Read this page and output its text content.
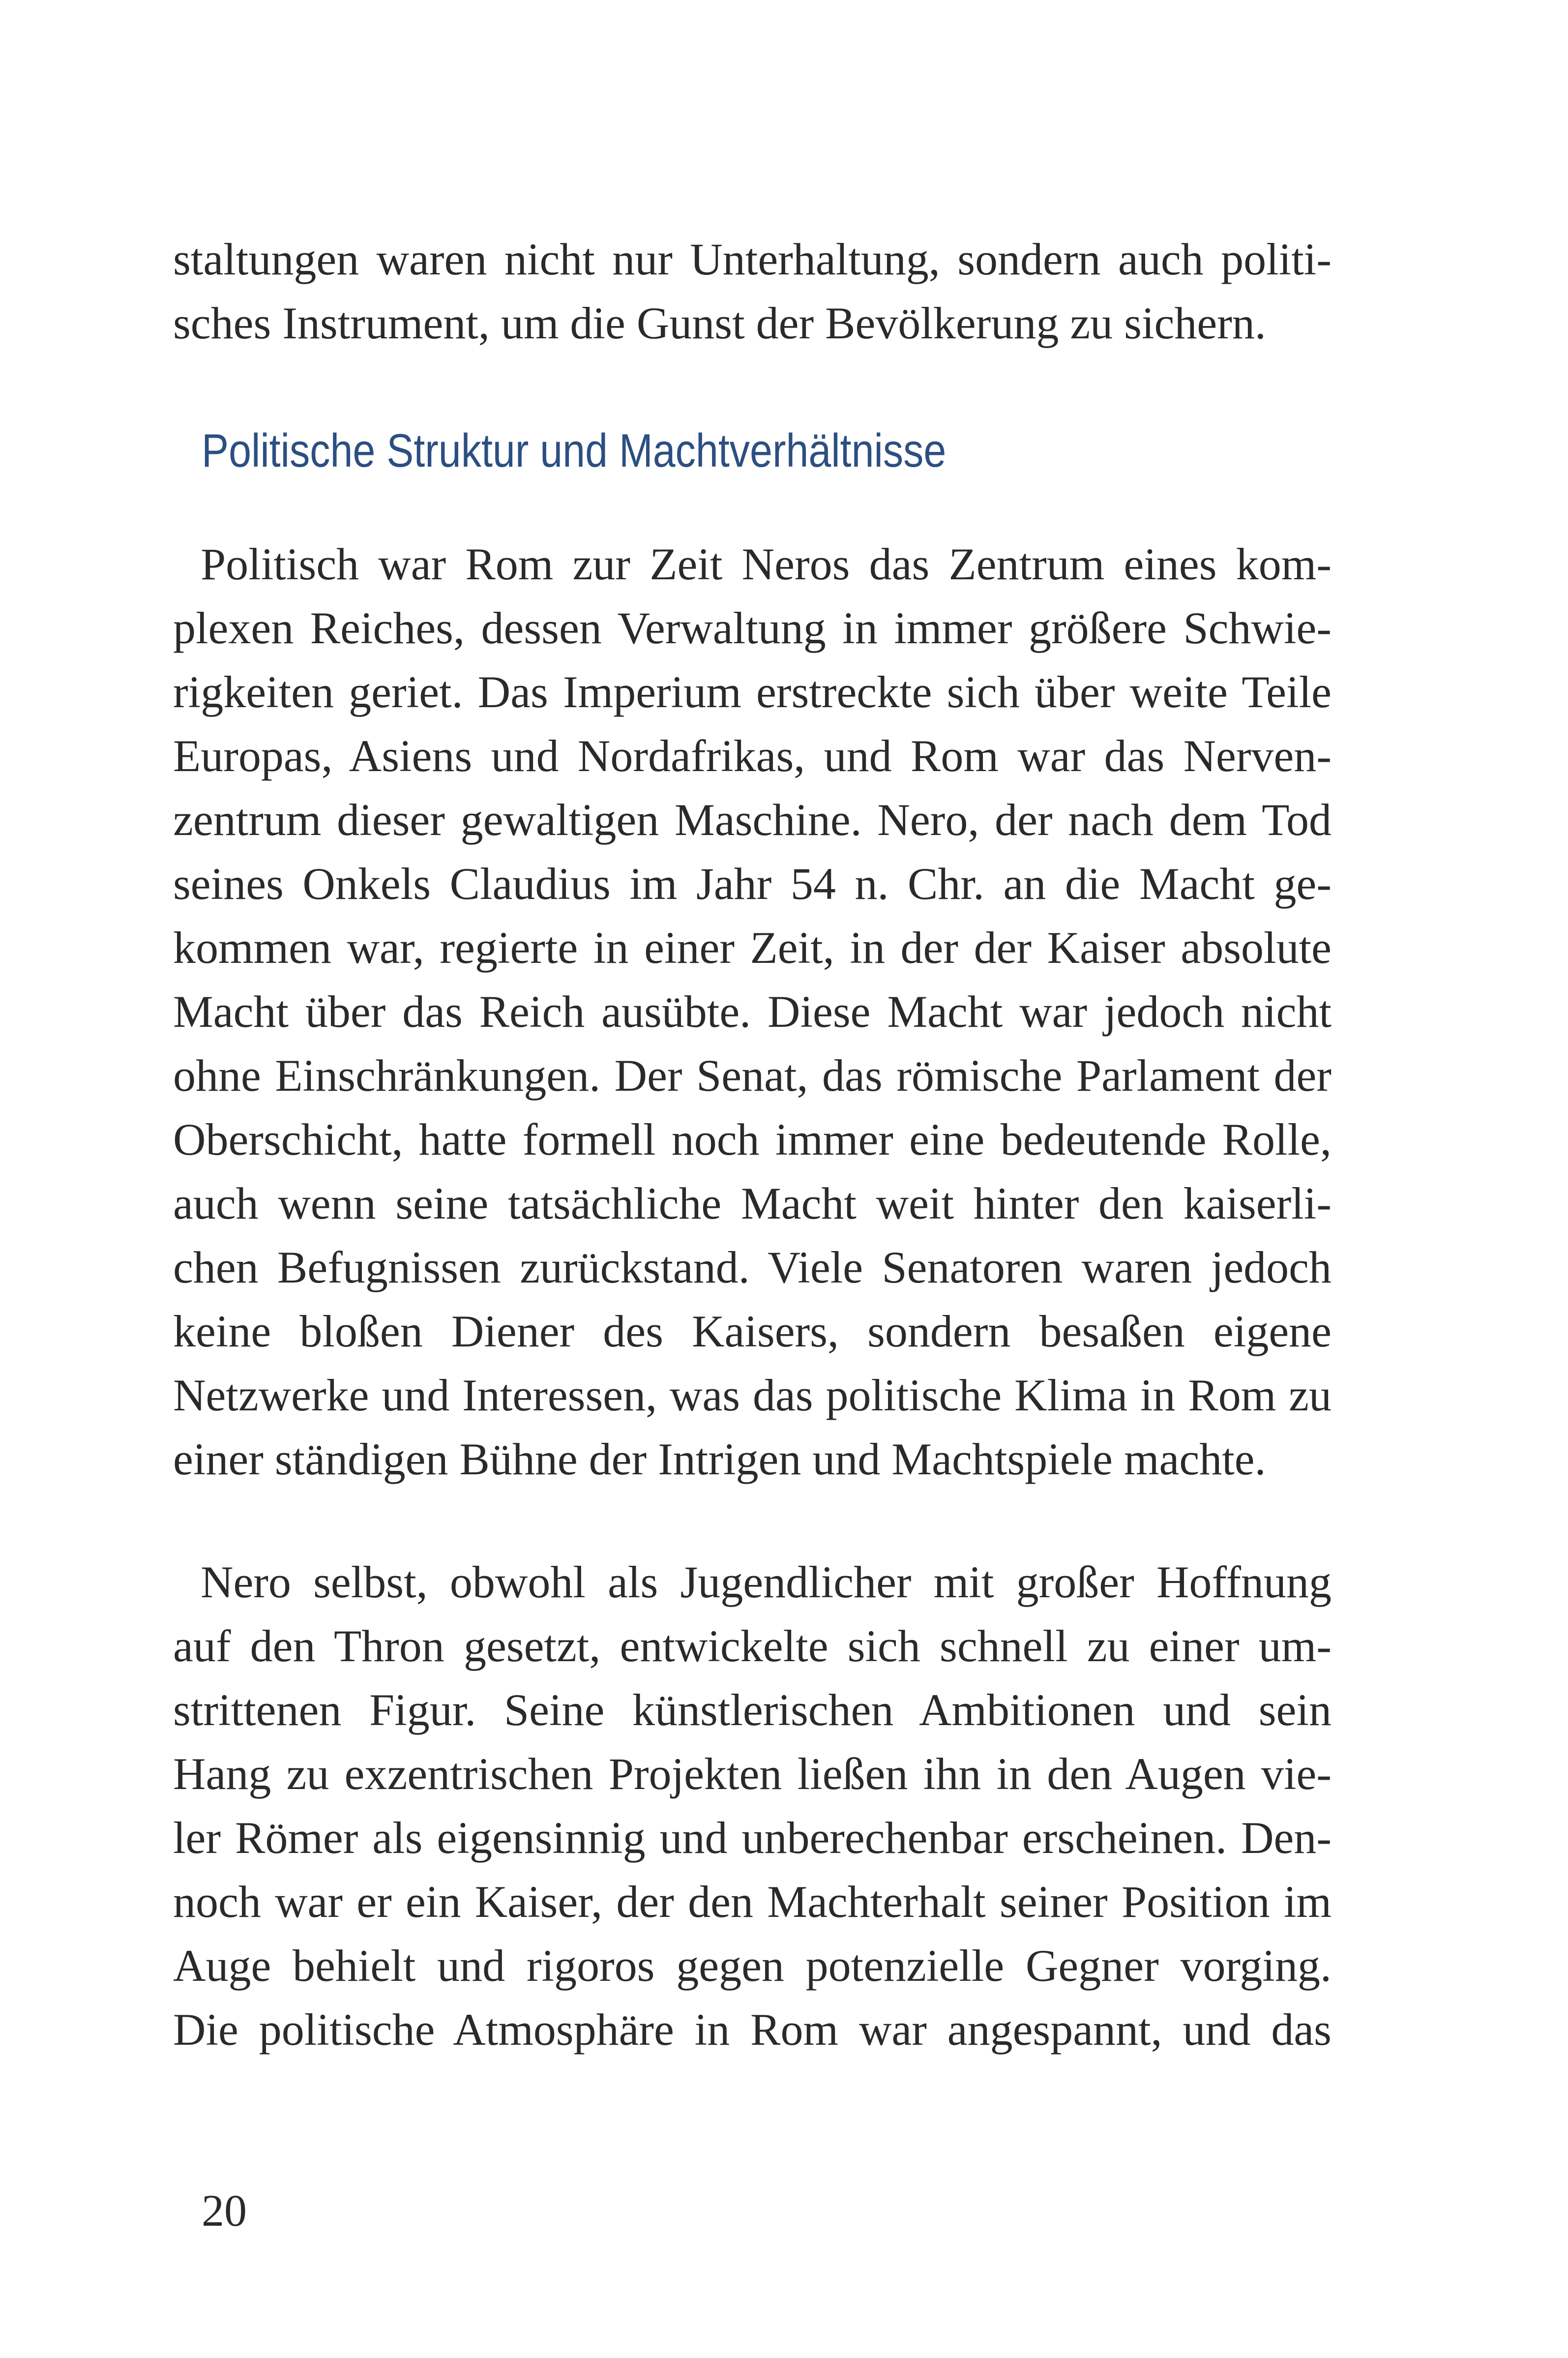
staltungen waren nicht nur Unterhaltung, sondern auch politi-
sches Instrument, um die Gunst der Bevölkerung zu sichern.
Politische Struktur und Machtverhältnisse
Politisch war Rom zur Zeit Neros das Zentrum eines kom-
plexen Reiches, dessen Verwaltung in immer größere Schwie-
rigkeiten geriet. Das Imperium erstreckte sich über weite Teile
Europas, Asiens und Nordafrikas, und Rom war das Nerven-
zentrum dieser gewaltigen Maschine. Nero, der nach dem Tod
seines Onkels Claudius im Jahr 54 n. Chr. an die Macht ge-
kommen war, regierte in einer Zeit, in der der Kaiser absolute
Macht über das Reich ausübte. Diese Macht war jedoch nicht
ohne Einschränkungen. Der Senat, das römische Parlament der
Oberschicht, hatte formell noch immer eine bedeutende Rolle,
auch wenn seine tatsächliche Macht weit hinter den kaiserli-
chen Befugnissen zurückstand. Viele Senatoren waren jedoch
keine bloßen Diener des Kaisers, sondern besaßen eigene
Netzwerke und Interessen, was das politische Klima in Rom zu
einer ständigen Bühne der Intrigen und Machtspiele machte.
Nero selbst, obwohl als Jugendlicher mit großer Hoffnung
auf den Thron gesetzt, entwickelte sich schnell zu einer um-
strittenen Figur. Seine künstlerischen Ambitionen und sein
Hang zu exzentrischen Projekten ließen ihn in den Augen vie-
ler Römer als eigensinnig und unberechenbar erscheinen. Den-
noch war er ein Kaiser, der den Machterhalt seiner Position im
Auge behielt und rigoros gegen potenzielle Gegner vorging.
Die politische Atmosphäre in Rom war angespannt, und das
20
